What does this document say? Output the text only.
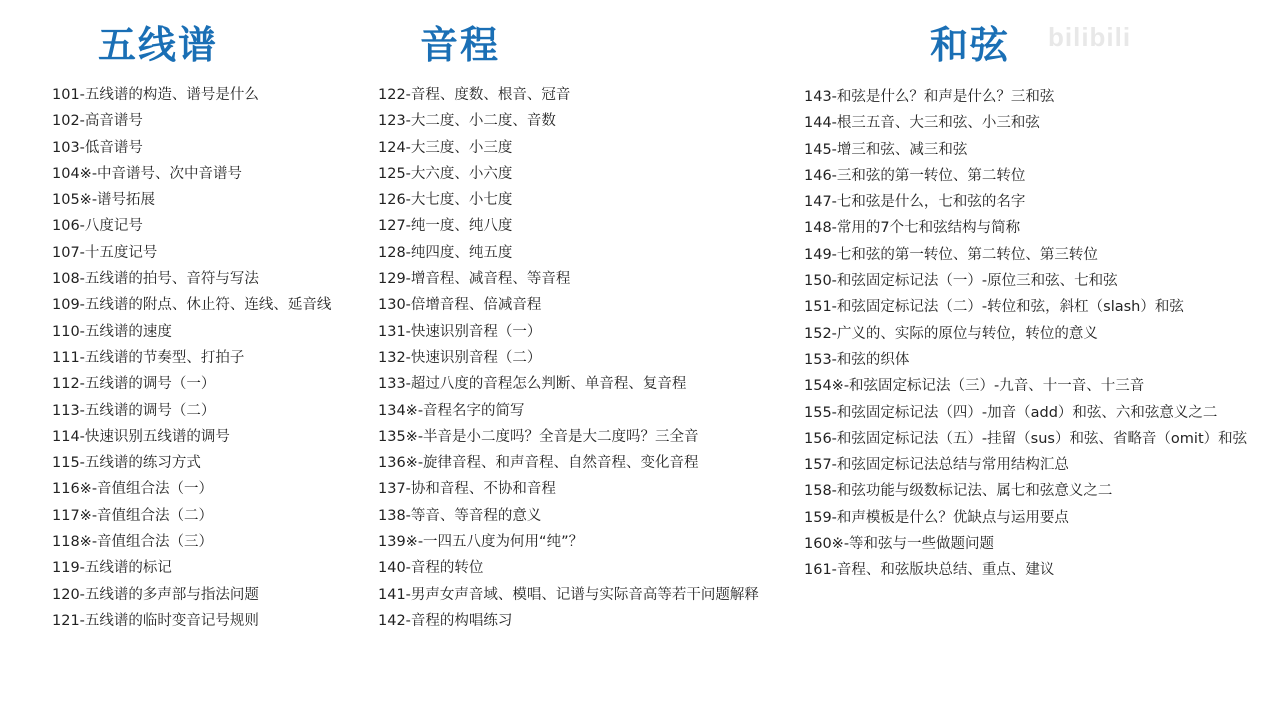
bilibili
五线谱
101-五线谱的构造、谱号是什么
102-高音谱号
103-低音谱号
104※-中音谱号、次中音谱号
105※-谱号拓展
106-八度记号
107-十五度记号
108-五线谱的拍号、音符与写法
109-五线谱的附点、休止符、连线、延音线
110-五线谱的速度
111-五线谱的节奏型、打拍子
112-五线谱的调号（一）
113-五线谱的调号（二）
114-快速识别五线谱的调号
115-五线谱的练习方式
116※-音值组合法（一）
117※-音值组合法（二）
118※-音值组合法（三）
119-五线谱的标记
120-五线谱的多声部与指法问题
121-五线谱的临时变音记号规则
音程
122-音程、度数、根音、冠音
123-大二度、小二度、音数
124-大三度、小三度
125-大六度、小六度
126-大七度、小七度
127-纯一度、纯八度
128-纯四度、纯五度
129-增音程、减音程、等音程
130-倍增音程、倍减音程
131-快速识别音程（一）
132-快速识别音程（二）
133-超过八度的音程怎么判断、单音程、复音程
134※-音程名字的简写
135※-半音是小二度吗？全音是大二度吗？三全音
136※-旋律音程、和声音程、自然音程、变化音程
137-协和音程、不协和音程
138-等音、等音程的意义
139※-一四五八度为何用“纯”？
140-音程的转位
141-男声女声音域、模唱、记谱与实际音高等若干问题解释
142-音程的构唱练习
和弦
143-和弦是什么？和声是什么？三和弦
144-根三五音、大三和弦、小三和弦
145-增三和弦、减三和弦
146-三和弦的第一转位、第二转位
147-七和弦是什么，七和弦的名字
148-常用的7个七和弦结构与简称
149-七和弦的第一转位、第二转位、第三转位
150-和弦固定标记法（一）-原位三和弦、七和弦
151-和弦固定标记法（二）-转位和弦，斜杠（slash）和弦
152-广义的、实际的原位与转位，转位的意义
153-和弦的织体
154※-和弦固定标记法（三）-九音、十一音、十三音
155-和弦固定标记法（四）-加音（add）和弦、六和弦意义之二
156-和弦固定标记法（五）-挂留（sus）和弦、省略音（omit）和弦
157-和弦固定标记法总结与常用结构汇总
158-和弦功能与级数标记法、属七和弦意义之二
159-和声模板是什么？优缺点与运用要点
160※-等和弦与一些做题问题
161-音程、和弦版块总结、重点、建议
